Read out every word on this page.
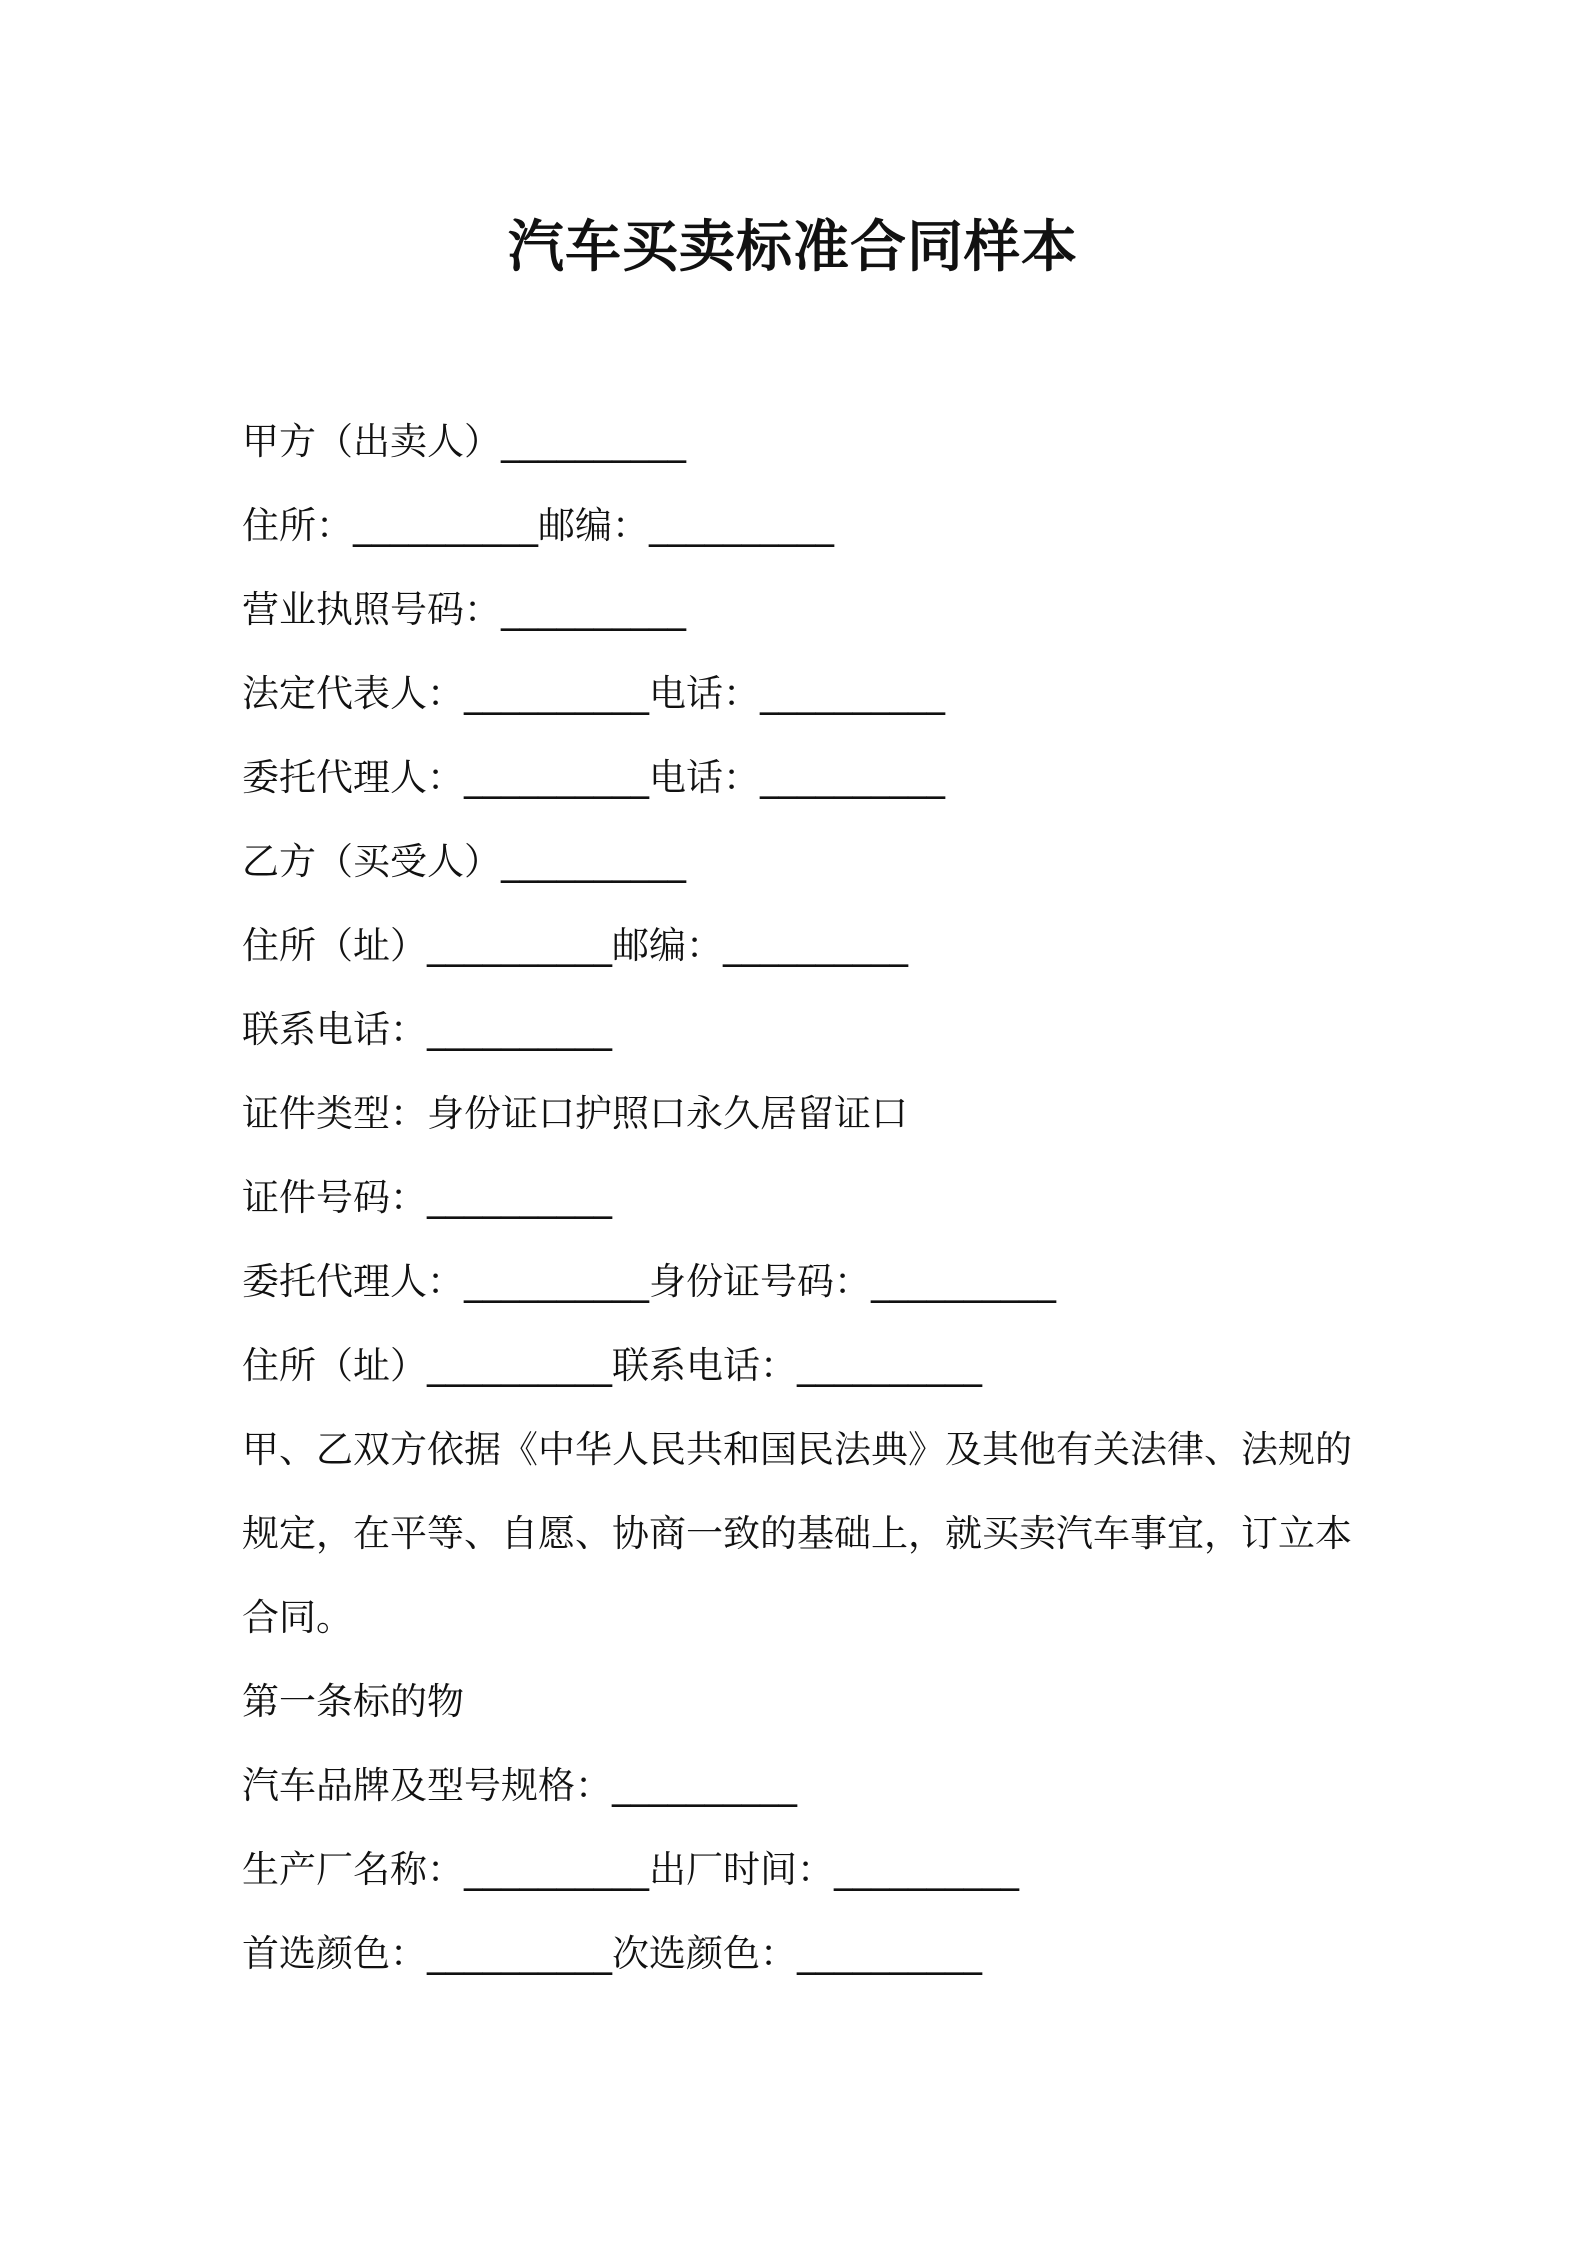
汽车买卖标准合同样本
甲方（出卖人）__________
住所：__________邮编：__________
营业执照号码：__________
法定代表人：__________电话：__________
委托代理人：__________电话：__________
乙方（买受人）__________
住所（址）__________邮编：__________
联系电话：__________
证件类型：身份证口护照口永久居留证口
证件号码：__________
委托代理人：__________身份证号码：__________
住所（址）__________联系电话：__________
甲、乙双方依据《中华人民共和国民法典》及其他有关法律、法规的规定，在平等、自愿、协商一致的基础上，就买卖汽车事宜，订立本合同。
第一条标的物
汽车品牌及型号规格：__________
生产厂名称：__________出厂时间：__________
首选颜色：__________次选颜色：__________
